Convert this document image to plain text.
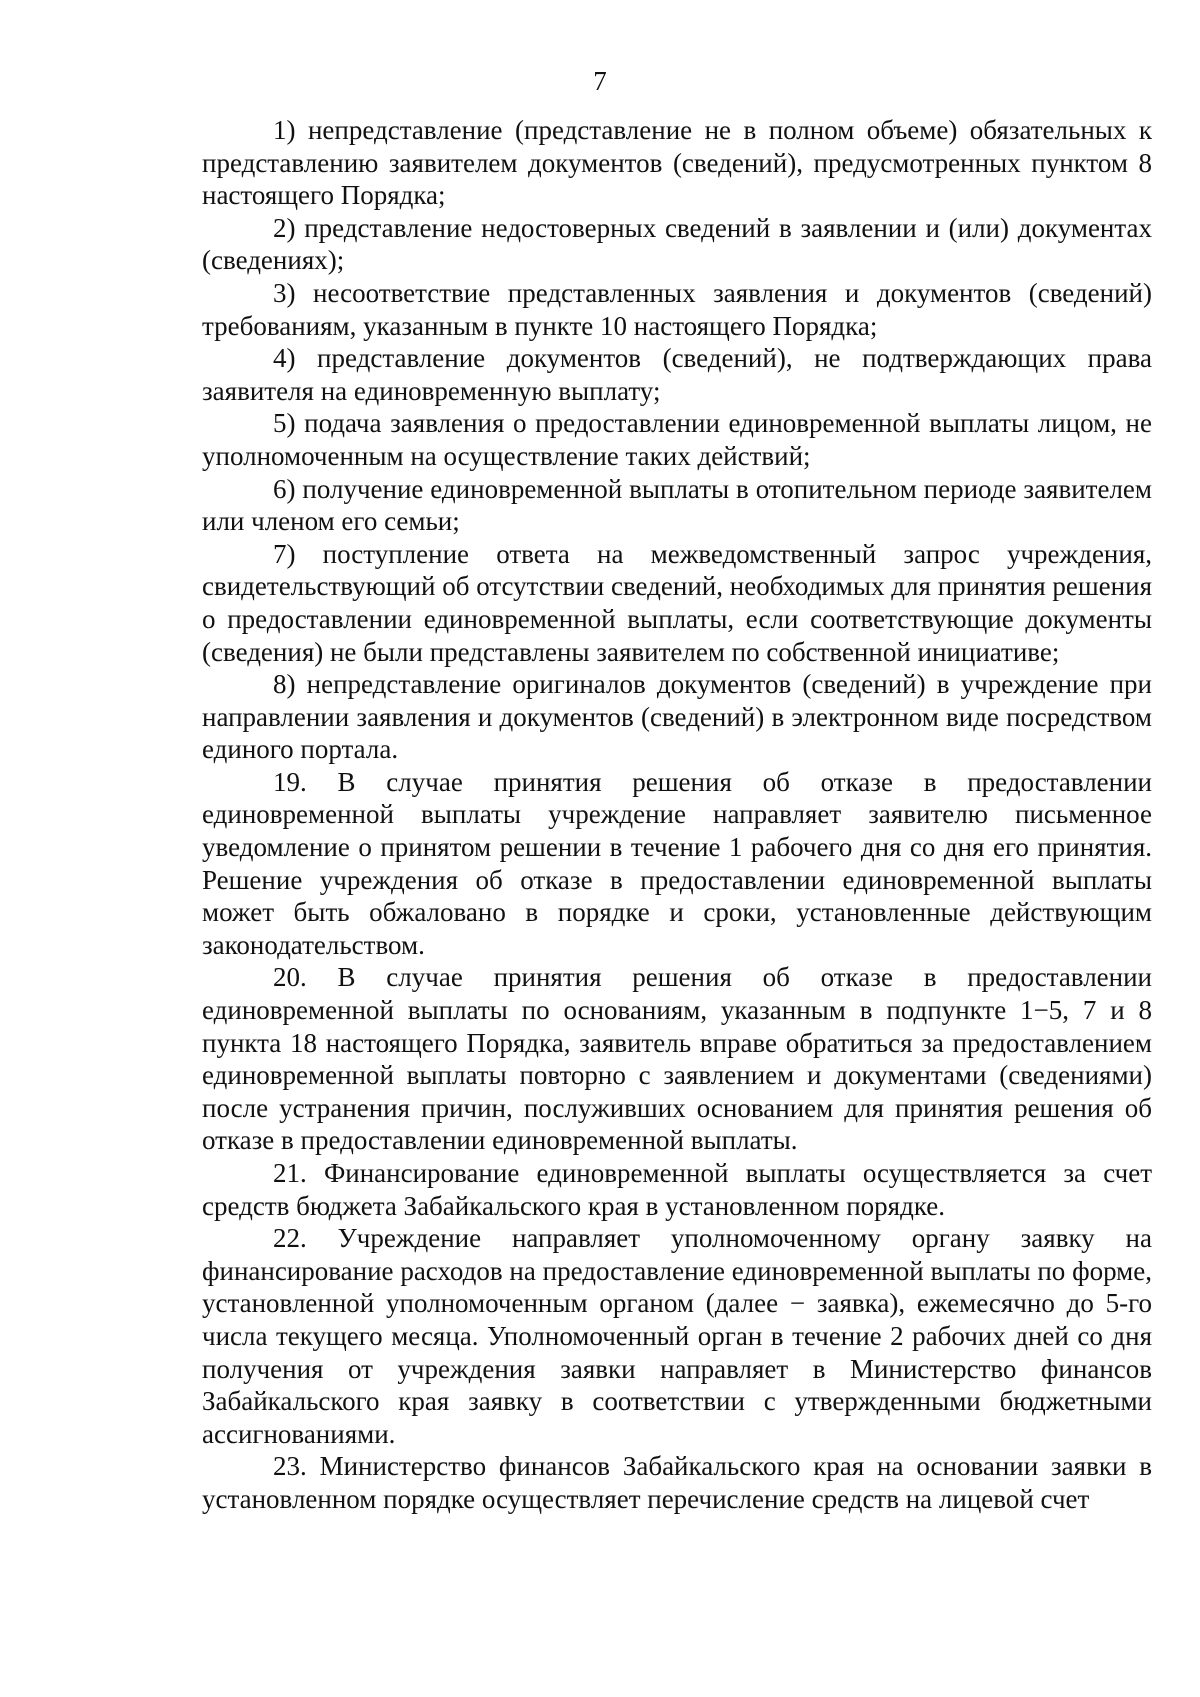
7

1) непредставление (представление не в полном объеме) обязательных к представлению заявителем документов (сведений), предусмотренных пунктом 8 настоящего Порядка;

2) представление недостоверных сведений в заявлении и (или) документах (сведениях);

3) несоответствие представленных заявления и документов (сведений) требованиям, указанным в пункте 10 настоящего Порядка;

4) представление документов (сведений), не подтверждающих права заявителя на единовременную выплату;

5) подача заявления о предоставлении единовременной выплаты лицом, не уполномоченным на осуществление таких действий;

6) получение единовременной выплаты в отопительном периоде заявителем или членом его семьи;

7) поступление ответа на межведомственный запрос учреждения, свидетельствующий об отсутствии сведений, необходимых для принятия решения о предоставлении единовременной выплаты, если соответствующие документы (сведения) не были представлены заявителем по собственной инициативе;

8) непредставление оригиналов документов (сведений) в учреждение при направлении заявления и документов (сведений) в электронном виде посредством единого портала.

19. В случае принятия решения об отказе в предоставлении единовременной выплаты учреждение направляет заявителю письменное уведомление о принятом решении в течение 1 рабочего дня со дня его принятия. Решение учреждения об отказе в предоставлении единовременной выплаты может быть обжаловано в порядке и сроки, установленные действующим законодательством.

20. В случае принятия решения об отказе в предоставлении единовременной выплаты по основаниям, указанным в подпункте 1−5, 7 и 8 пункта 18 настоящего Порядка, заявитель вправе обратиться за предоставлением единовременной выплаты повторно с заявлением и документами (сведениями) после устранения причин, послуживших основанием для принятия решения об отказе в предоставлении единовременной выплаты.

21. Финансирование единовременной выплаты осуществляется за счет средств бюджета Забайкальского края в установленном порядке.

22. Учреждение направляет уполномоченному органу заявку на финансирование расходов на предоставление единовременной выплаты по форме, установленной уполномоченным органом (далее − заявка), ежемесячно до 5-го числа текущего месяца. Уполномоченный орган в течение 2 рабочих дней со дня получения от учреждения заявки направляет в Министерство финансов Забайкальского края заявку в соответствии с утвержденными бюджетными ассигнованиями.

23. Министерство финансов Забайкальского края на основании заявки в установленном порядке осуществляет перечисление средств на лицевой счет
